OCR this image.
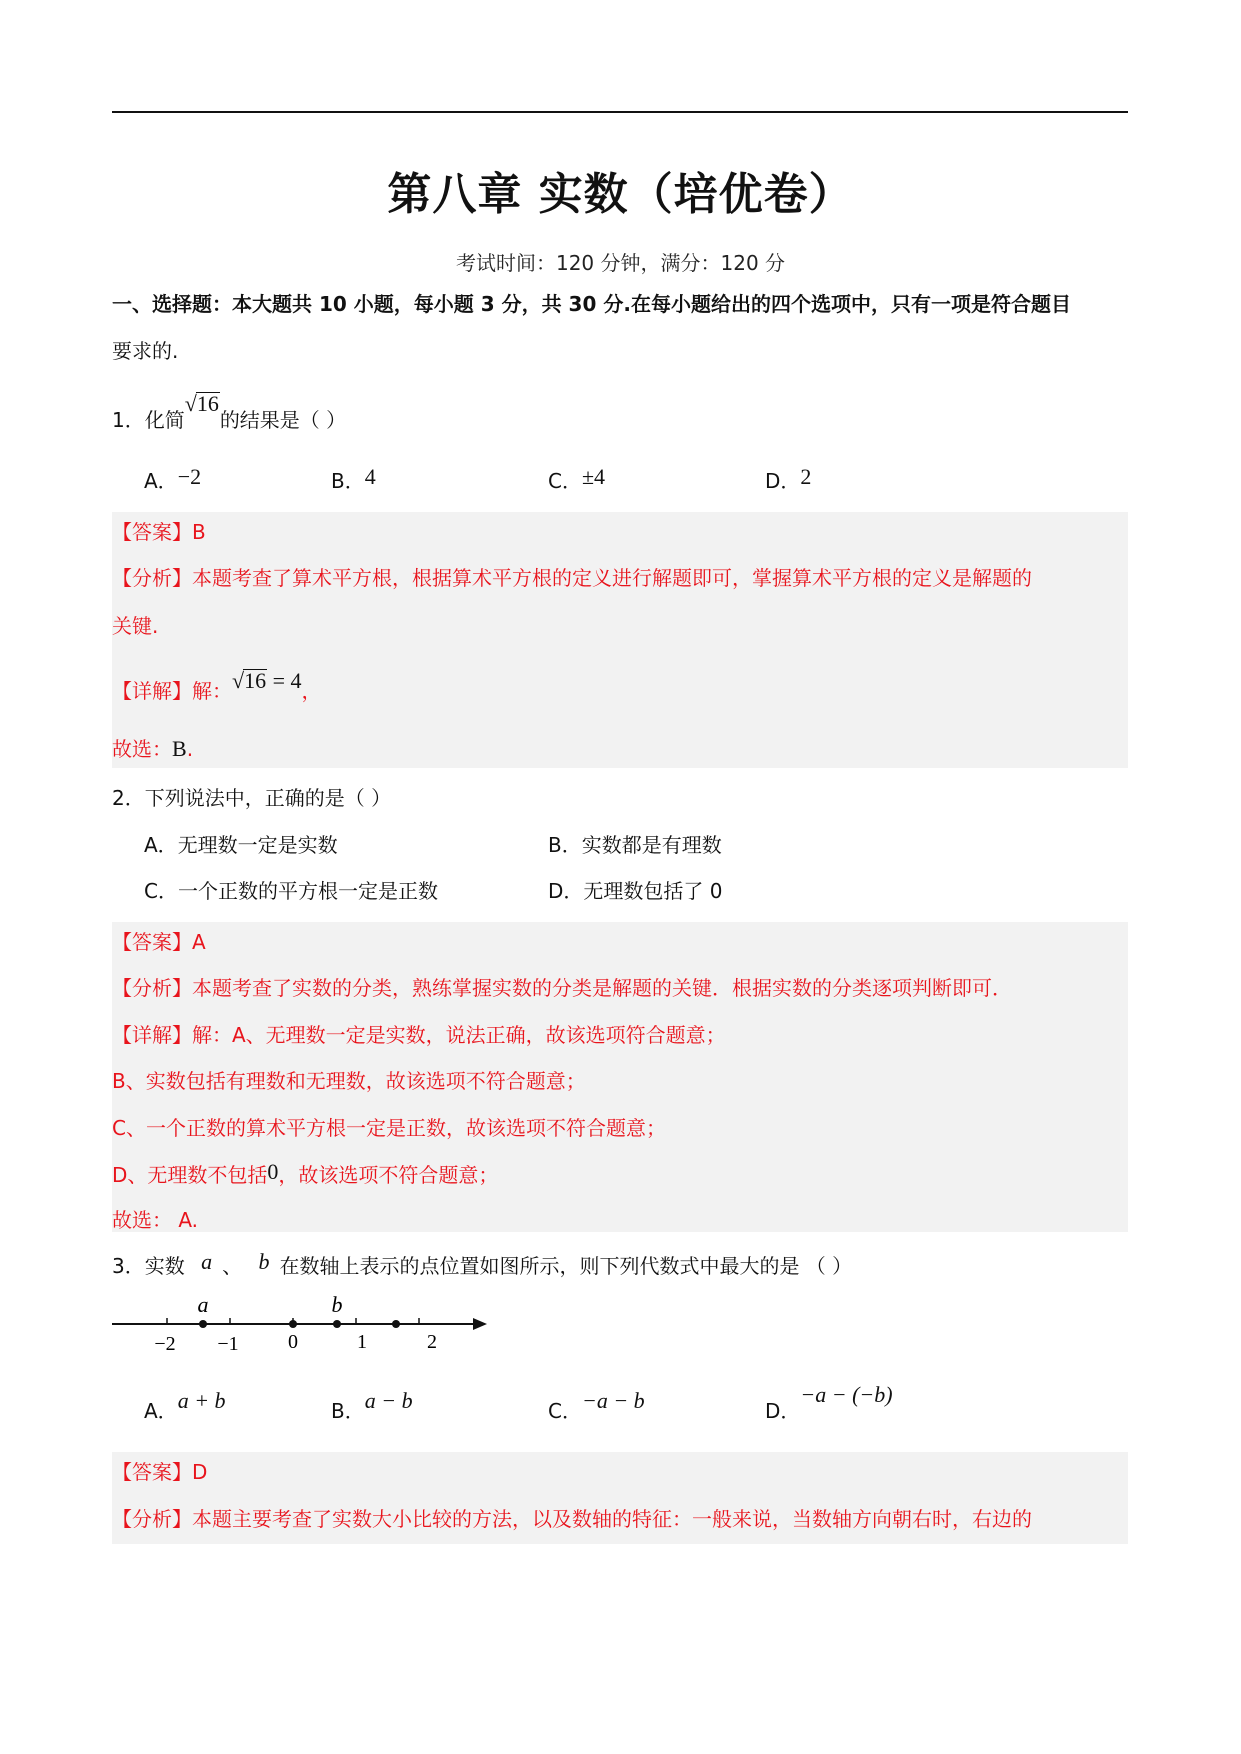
第八章 实数（培优卷）
考试时间：120 分钟，满分：120 分
一、选择题：本大题共 10 小题，每小题 3 分，共 30 分.在每小题给出的四个选项中，只有一项是符合题目
要求的.
1．化简√16的结果是（ ）
A．−2	B．4	C．±4	D．2
【答案】B
【分析】本题考查了算术平方根，根据算术平方根的定义进行解题即可，掌握算术平方根的定义是解题的
关键.
【详解】解：√16 = 4，
故选：B.
2．下列说法中，正确的是（ ）
A．无理数一定是实数	B．实数都是有理数
C．一个正数的平方根一定是正数	D．无理数包括了 0
【答案】A
【分析】本题考查了实数的分类，熟练掌握实数的分类是解题的关键．根据实数的分类逐项判断即可．
【详解】解：A、无理数一定是实数，说法正确，故该选项符合题意；
B、实数包括有理数和无理数，故该选项不符合题意；
C、一个正数的算术平方根一定是正数，故该选项不符合题意；
D、无理数不包括0，故该选项不符合题意；
故选： A.
3．实数 a 、 b 在数轴上表示的点位置如图所示，则下列代数式中最大的是 （ ）
a	b
−2 −1 0	1	2
A．a + b	B．a − b	C．−a − b	D．−a − (−b)
【答案】D
【分析】本题主要考查了实数大小比较的方法，以及数轴的特征：一般来说，当数轴方向朝右时，右边的
